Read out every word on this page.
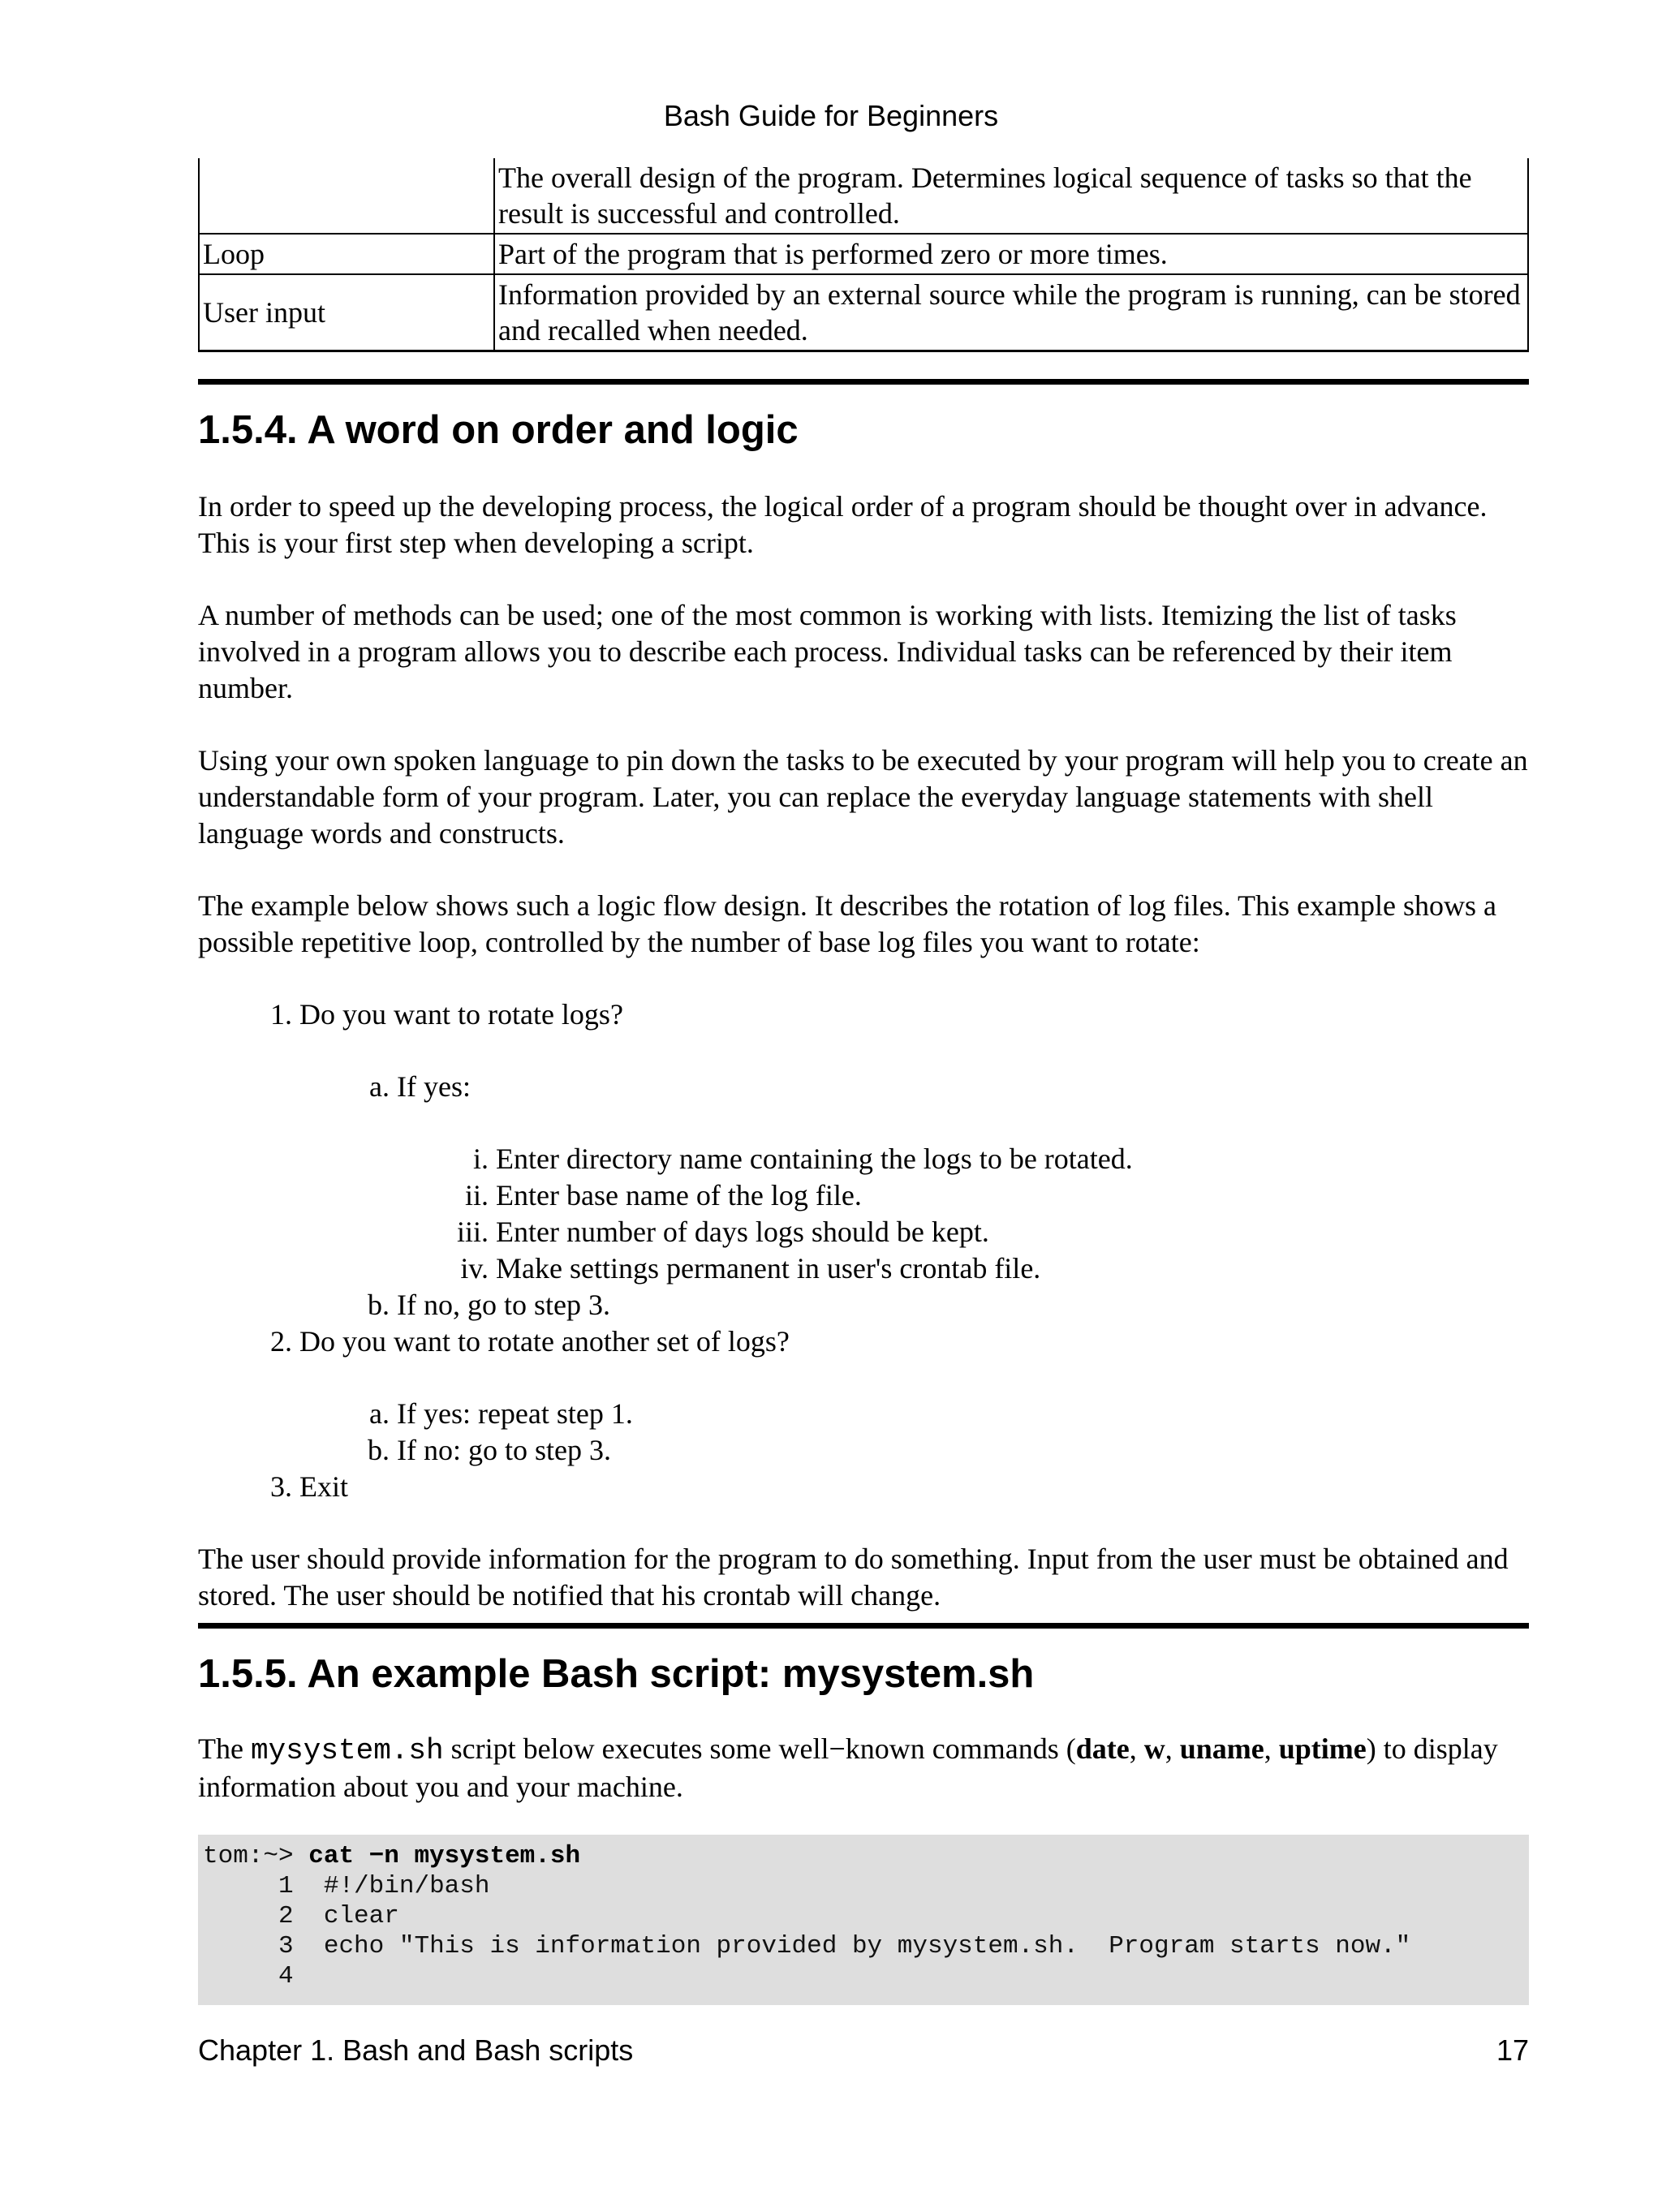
Bash Guide for Beginners
	The overall design of the program. Determines logical sequence of tasks so that the result is successful and controlled.
Loop	Part of the program that is performed zero or more times.
User input	Information provided by an external source while the program is running, can be stored and recalled when needed.
1.5.4. A word on order and logic

In order to speed up the developing process, the logical order of a program should be thought over in advance. This is your first step when developing a script.

A number of methods can be used; one of the most common is working with lists. Itemizing the list of tasks involved in a program allows you to describe each process. Individual tasks can be referenced by their item number.

Using your own spoken language to pin down the tasks to be executed by your program will help you to create an understandable form of your program. Later, you can replace the everyday language statements with shell language words and constructs.

The example below shows such a logic flow design. It describes the rotation of log files. This example shows a possible repetitive loop, controlled by the number of base log files you want to rotate:

1. Do you want to rotate logs?
a. If yes:
i. Enter directory name containing the logs to be rotated.
ii. Enter base name of the log file.
iii. Enter number of days logs should be kept.
iv. Make settings permanent in user's crontab file.
b. If no, go to step 3.
2. Do you want to rotate another set of logs?
a. If yes: repeat step 1.
b. If no: go to step 3.
3. Exit

The user should provide information for the program to do something. Input from the user must be obtained and stored. The user should be notified that his crontab will change.

1.5.5. An example Bash script: mysystem.sh

The mysystem.sh script below executes some well−known commands (date, w, uname, uptime) to display information about you and your machine.

tom:~> cat −n mysystem.sh
1 #!/bin/bash
2 clear
3 echo "This is information provided by mysystem.sh.  Program starts now."
4
Chapter 1. Bash and Bash scripts	17
